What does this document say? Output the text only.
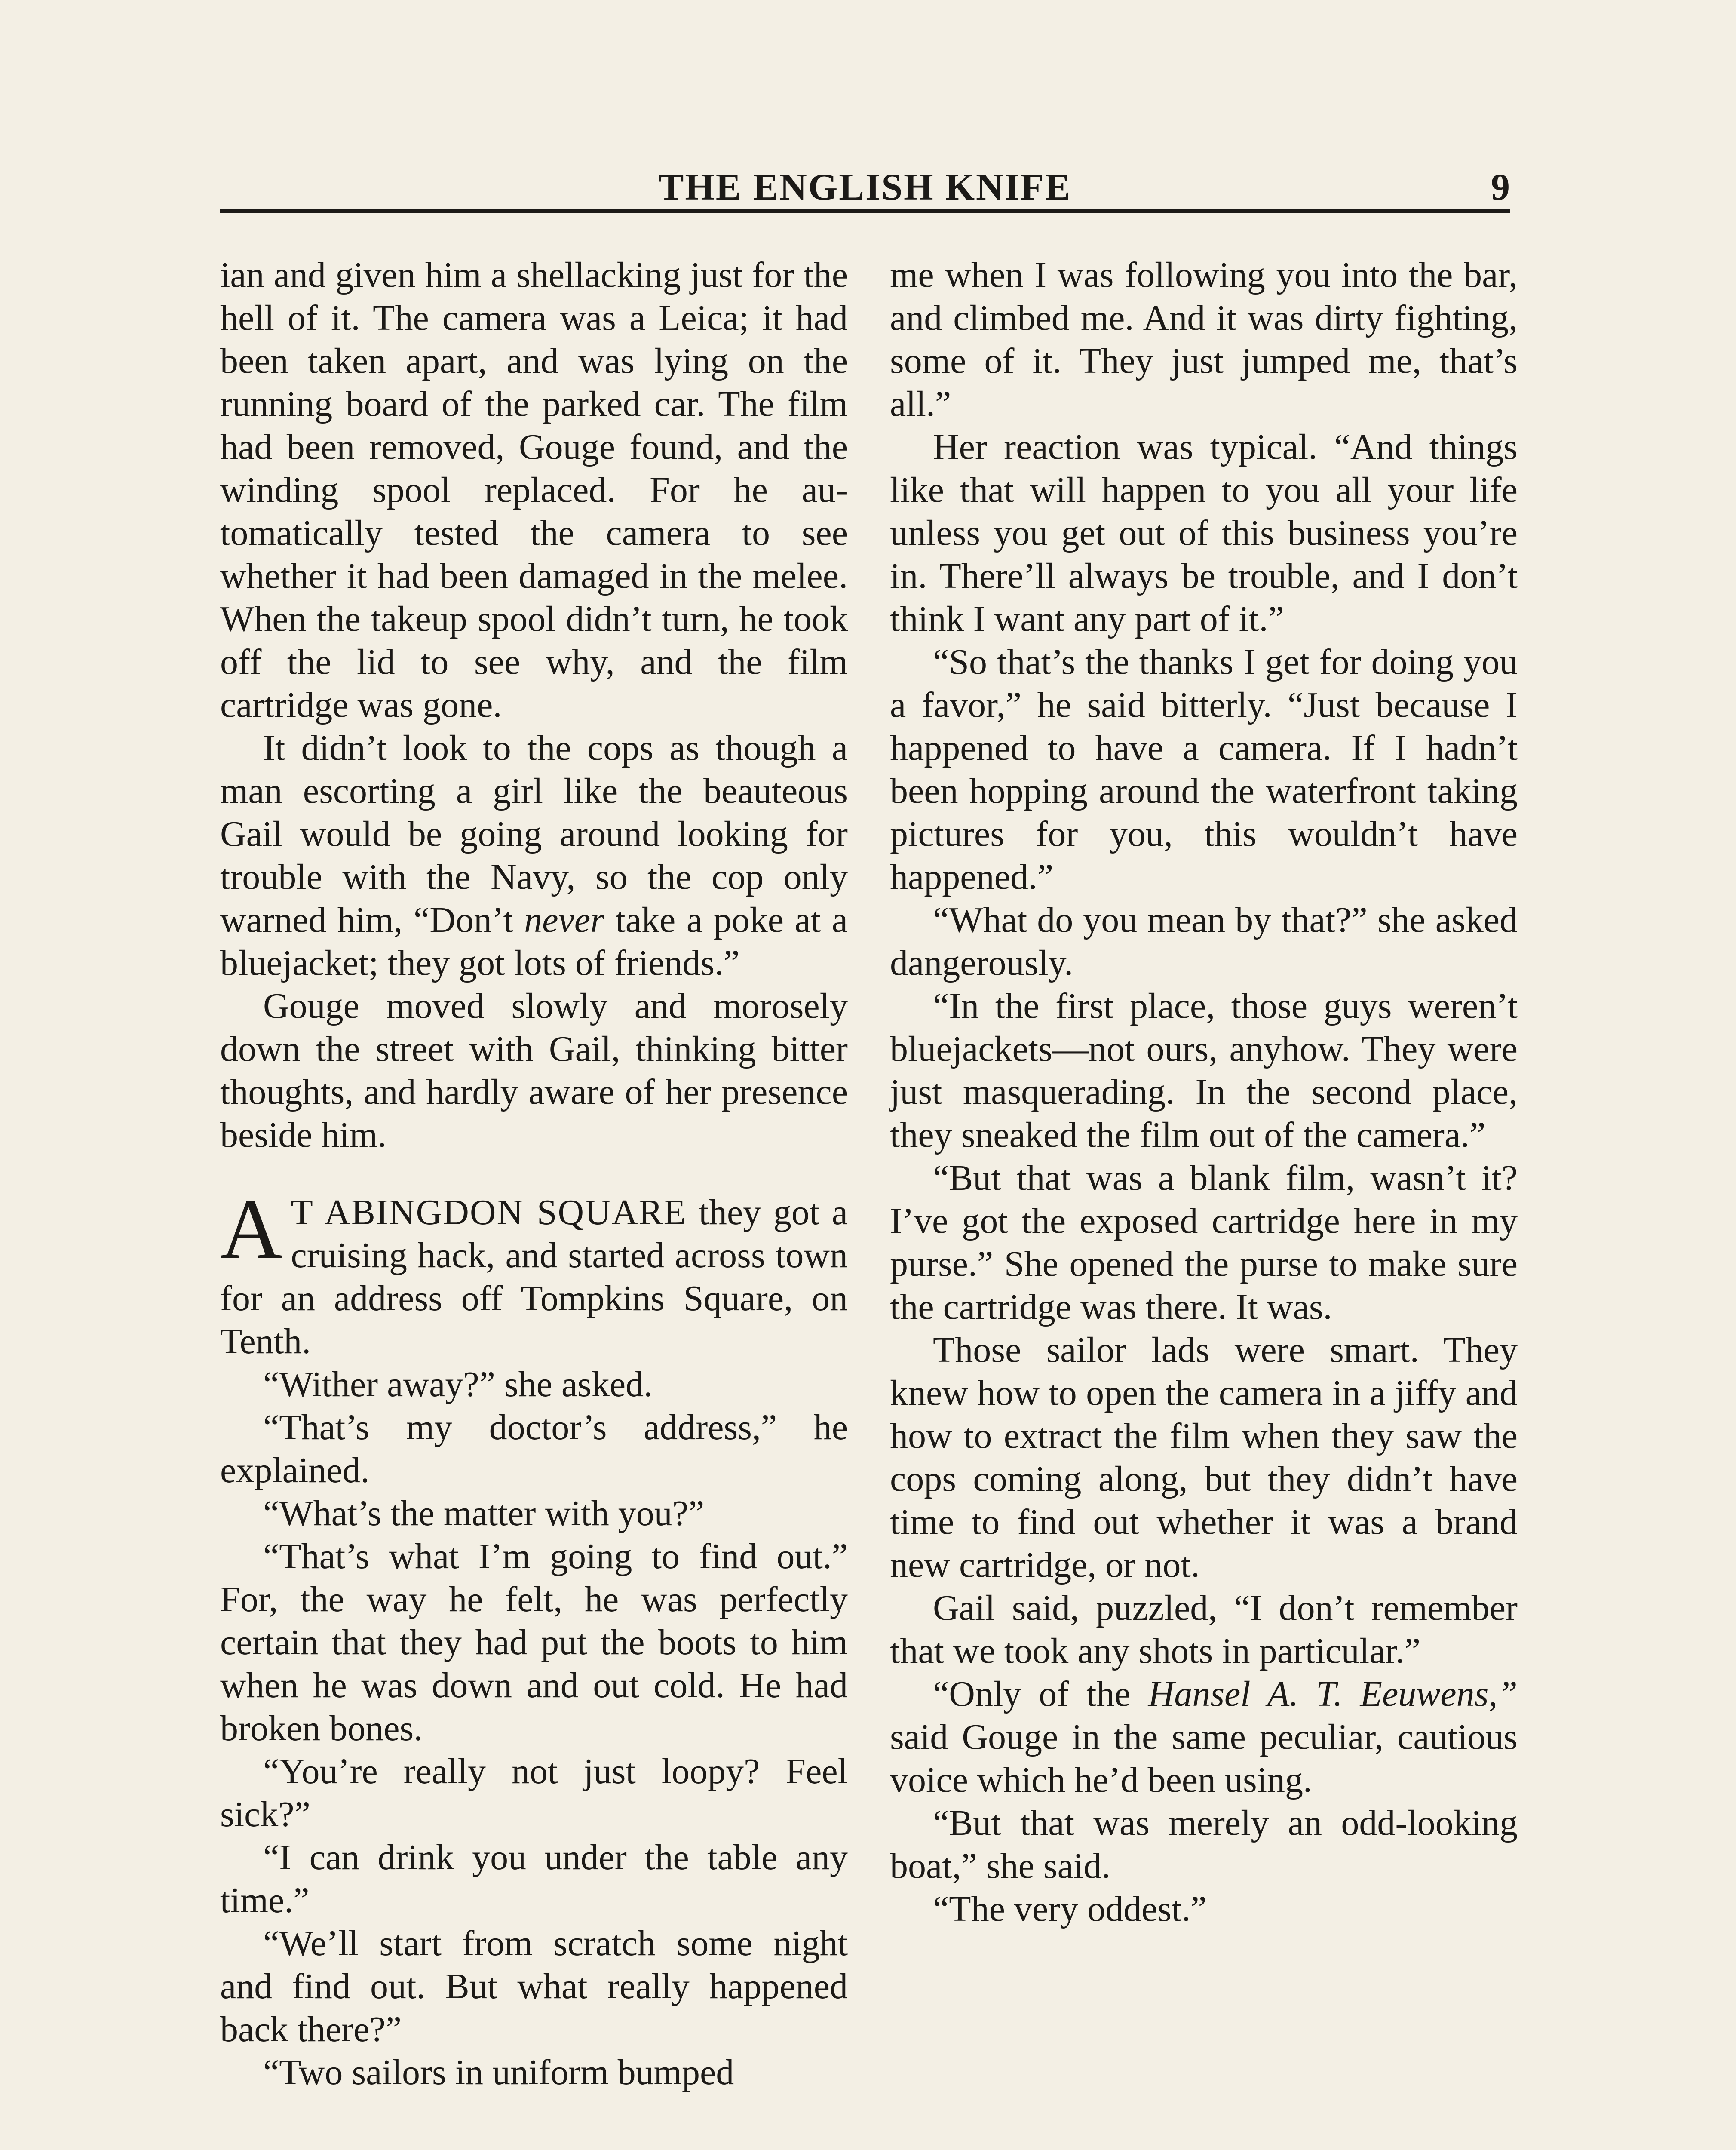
THE ENGLISH KNIFE	9

ian and given him a shellacking just for the hell of it. The camera was a Leica; it had been taken apart, and was lying on the running board of the parked car. The film had been removed, Gouge found, and the winding spool replaced. For he automatically tested the camera to see whether it had been damaged in the melee. When the takeup spool didn’t turn, he took off the lid to see why, and the film cartridge was gone.

It didn’t look to the cops as though a man escorting a girl like the beauteous Gail would be going around looking for trouble with the Navy, so the cop only warned him, “Don’t never take a poke at a bluejacket; they got lots of friends.”

Gouge moved slowly and morosely down the street with Gail, thinking bitter thoughts, and hardly aware of her presence beside him.

A T ABINGDON SQUARE they got a cruising hack, and started across town for an address off Tompkins Square, on Tenth.

“Wither away?” she asked.

“That’s my doctor’s address,” he explained.

“What’s the matter with you?”

“That’s what I’m going to find out.” For, the way he felt, he was perfectly certain that they had put the boots to him when he was down and out cold. He had broken bones.

“You’re really not just loopy? Feel sick?”

“I can drink you under the table any time.”

“We’ll start from scratch some night and find out. But what really happened back there?”

“Two sailors in uniform bumped

me when I was following you into the bar, and climbed me. And it was dirty fighting, some of it. They just jumped me, that’s all.”

Her reaction was typical. “And things like that will happen to you all your life unless you get out of this business you’re in. There’ll always be trouble, and I don’t think I want any part of it.”

“So that’s the thanks I get for doing you a favor,” he said bitterly. “Just because I happened to have a camera. If I hadn’t been hopping around the waterfront taking pictures for you, this wouldn’t have happened.”

“What do you mean by that?” she asked dangerously.

“In the first place, those guys weren’t bluejackets—not ours, anyhow. They were just masquerading. In the second place, they sneaked the film out of the camera.”

“But that was a blank film, wasn’t it? I’ve got the exposed cartridge here in my purse.” She opened the purse to make sure the cartridge was there. It was.

Those sailor lads were smart. They knew how to open the camera in a jiffy and how to extract the film when they saw the cops coming along, but they didn’t have time to find out whether it was a brand new cartridge, or not.

Gail said, puzzled, “I don’t remember that we took any shots in particular.”

“Only of the Hansel A. T. Eeuwens,” said Gouge in the same peculiar, cautious voice which he’d been using.

“But that was merely an odd-looking boat,” she said.

“The very oddest.”
